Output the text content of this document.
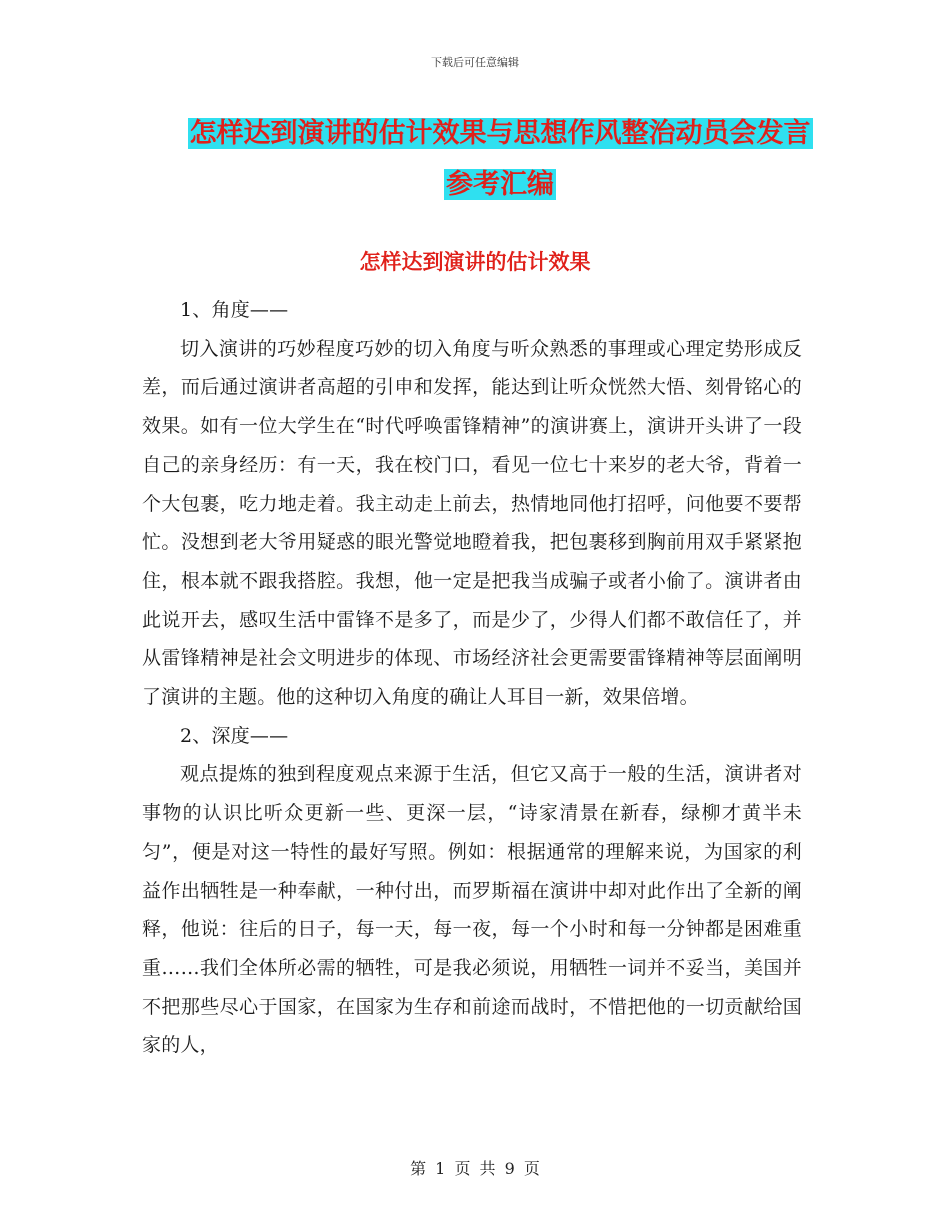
下载后可任意编辑
怎样达到演讲的估计效果与思想作风整治动员会发言
参考汇编
怎样达到演讲的估计效果

1、角度——

切入演讲的巧妙程度巧妙的切入角度与听众熟悉的事理或心理定势形成反差，而后通过演讲者高超的引申和发挥，能达到让听众恍然大悟、刻骨铭心的效果。如有一位大学生在“时代呼唤雷锋精神”的演讲赛上，演讲开头讲了一段自己的亲身经历：有一天，我在校门口，看见一位七十来岁的老大爷，背着一个大包裹，吃力地走着。我主动走上前去，热情地同他打招呼，问他要不要帮忙。没想到老大爷用疑惑的眼光警觉地瞪着我，把包裹移到胸前用双手紧紧抱住，根本就不跟我搭腔。我想，他一定是把我当成骗子或者小偷了。演讲者由此说开去，感叹生活中雷锋不是多了，而是少了，少得人们都不敢信任了，并从雷锋精神是社会文明进步的体现、市场经济社会更需要雷锋精神等层面阐明了演讲的主题。他的这种切入角度的确让人耳目一新，效果倍增。

2、深度——

观点提炼的独到程度观点来源于生活，但它又高于一般的生活，演讲者对事物的认识比听众更新一些、更深一层，“诗家清景在新春，绿柳才黄半未匀”，便是对这一特性的最好写照。例如：根据通常的理解来说，为国家的利益作出牺牲是一种奉献，一种付出，而罗斯福在演讲中却对此作出了全新的阐释，他说：往后的日子，每一天，每一夜，每一个小时和每一分钟都是困难重重……我们全体所必需的牺牲，可是我必须说，用牺牲一词并不妥当，美国并不把那些尽心于国家，在国家为生存和前途而战时，不惜把他的一切贡献给国家的人，

第 1 页 共 9 页
